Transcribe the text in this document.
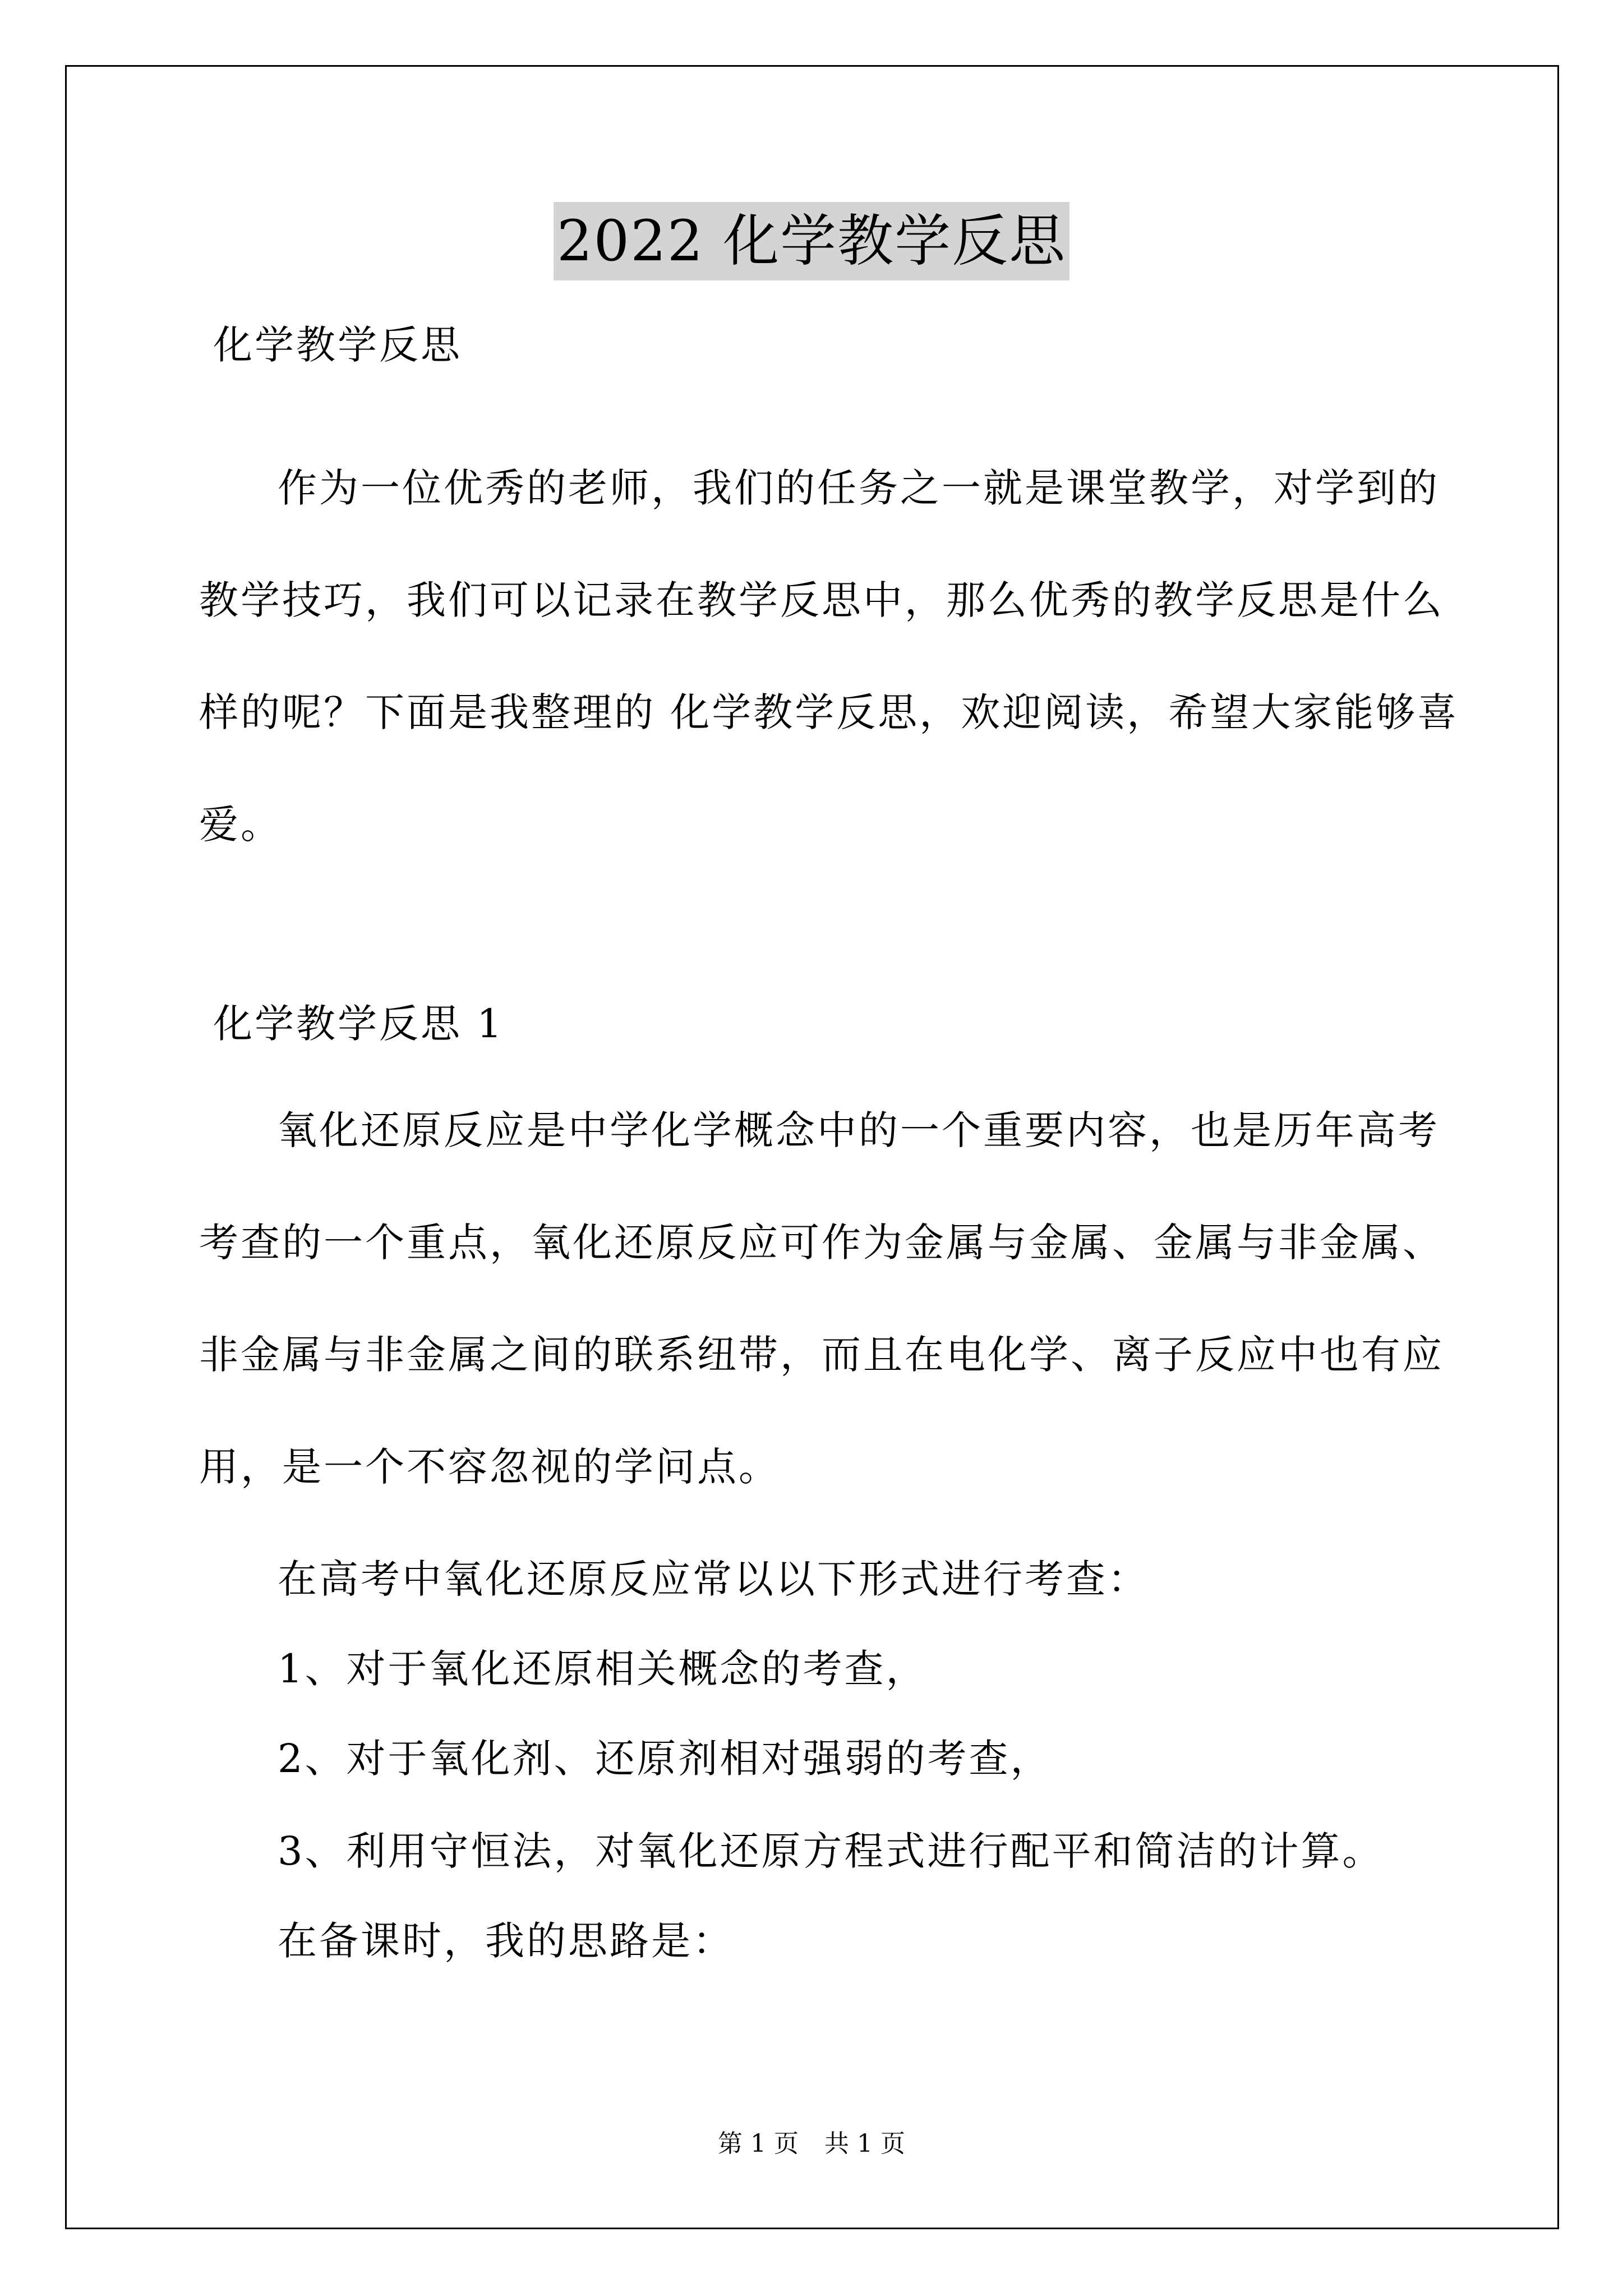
2022 化学教学反思
化学教学反思
作为一位优秀的老师，我们的任务之一就是课堂教学，对学到的
教学技巧，我们可以记录在教学反思中，那么优秀的教学反思是什么
样的呢？下面是我整理的 化学教学反思，欢迎阅读，希望大家能够喜
爱。
化学教学反思 1
氧化还原反应是中学化学概念中的一个重要内容，也是历年高考
考查的一个重点，氧化还原反应可作为金属与金属、金属与非金属、
非金属与非金属之间的联系纽带，而且在电化学、离子反应中也有应
用，是一个不容忽视的学问点。
在高考中氧化还原反应常以以下形式进行考查：
1、对于氧化还原相关概念的考查，
2、对于氧化剂、还原剂相对强弱的考查，
3、利用守恒法，对氧化还原方程式进行配平和简洁的计算。
在备课时，我的思路是：
第 1 页 共 1 页
